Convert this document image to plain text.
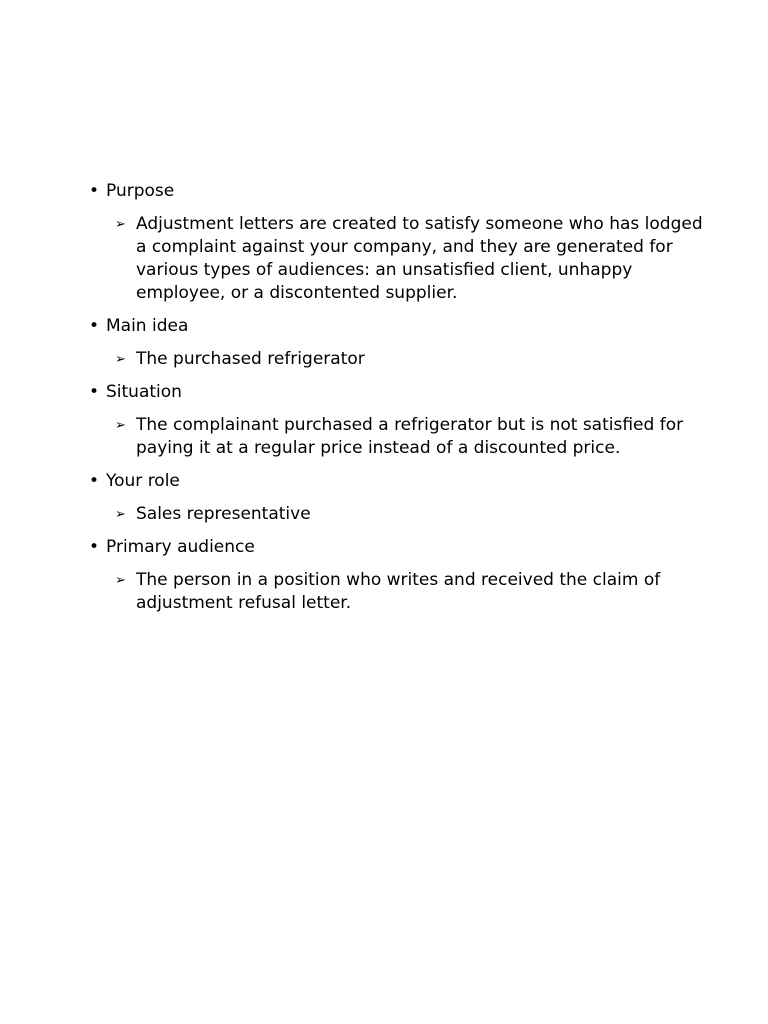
• Purpose
➢ Adjustment letters are created to satisfy someone who has lodged a complaint against your company, and they are generated for various types of audiences: an unsatisfied client, unhappy employee, or a discontented supplier.
• Main idea
➢ The purchased refrigerator
• Situation
➢ The complainant purchased a refrigerator but is not satisfied for paying it at a regular price instead of a discounted price.
• Your role
➢ Sales representative
• Primary audience
➢ The person in a position who writes and received the claim of adjustment refusal letter.
